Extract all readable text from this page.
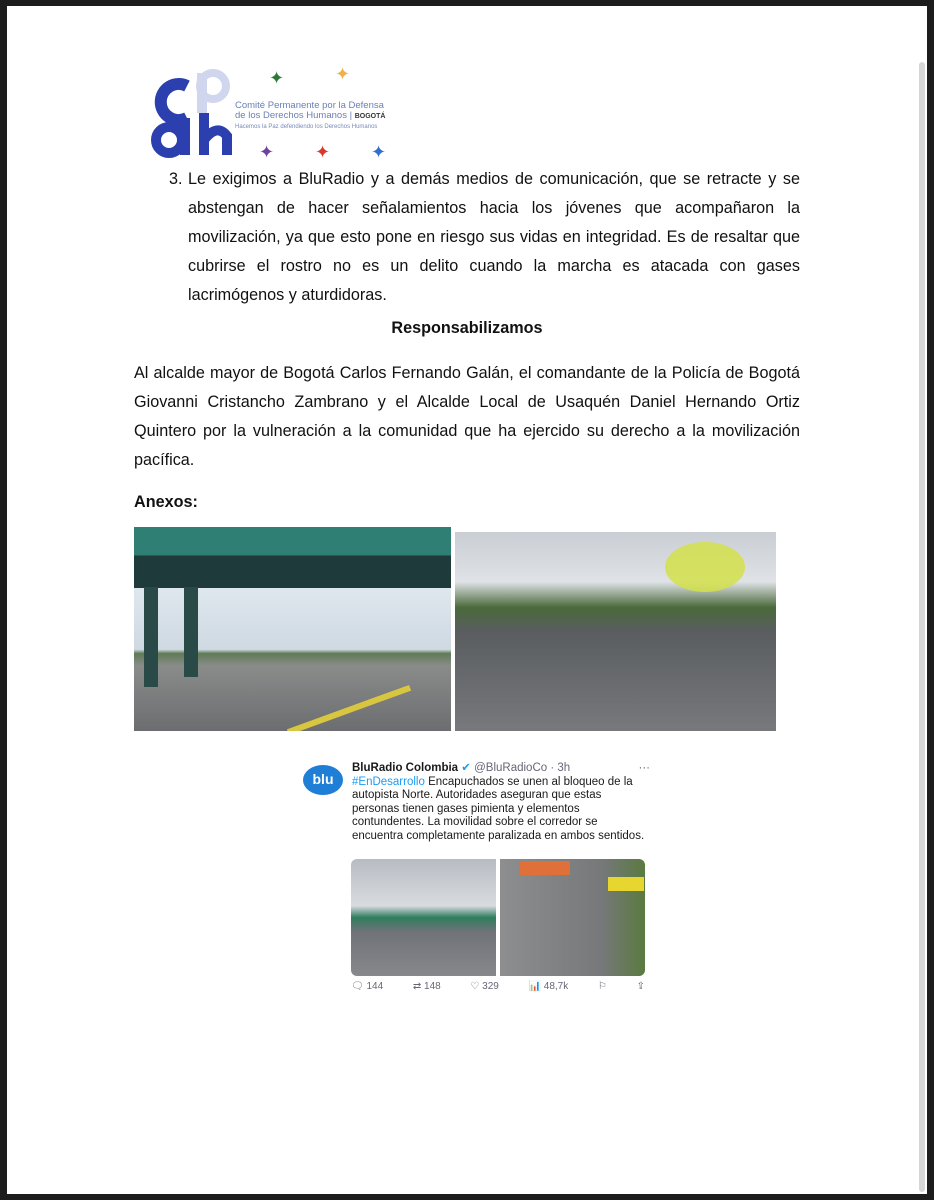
✦	✦
✦ ✦ ✦
Comité Permanente por la Defensa
de los Derechos Humanos | BOGOTÁ
Hacemos la Paz defendiendo los Derechos Humanos
3. Le exigimos a BluRadio y a demás medios de comunicación, que se retracte y se abstengan de hacer señalamientos hacia los jóvenes que acompañaron la movilización, ya que esto pone en riesgo sus vidas en integridad. Es de resaltar que cubrirse el rostro no es un delito cuando la marcha es atacada con gases lacrimógenos y aturdidoras.
Responsabilizamos
Al alcalde mayor de Bogotá Carlos Fernando Galán, el comandante de la Policía de Bogotá Giovanni Cristancho Zambrano y el Alcalde Local de Usaquén Daniel Hernando Ortiz Quintero por la vulneración a la comunidad que ha ejercido su derecho a la movilización pacífica.
Anexos:
blu
BluRadio Colombia ✔ @BluRadioCo · 3h	···

#EnDesarrollo Encapuchados se unen al bloqueo de la autopista Norte. Autoridades aseguran que estas personas tienen gases pimienta y elementos contundentes. La movilidad sobre el corredor se encuentra completamente paralizada en ambos sentidos.
🗨 144	⇄ 148	♡ 329	📊 48,7k	⚐	⇪
